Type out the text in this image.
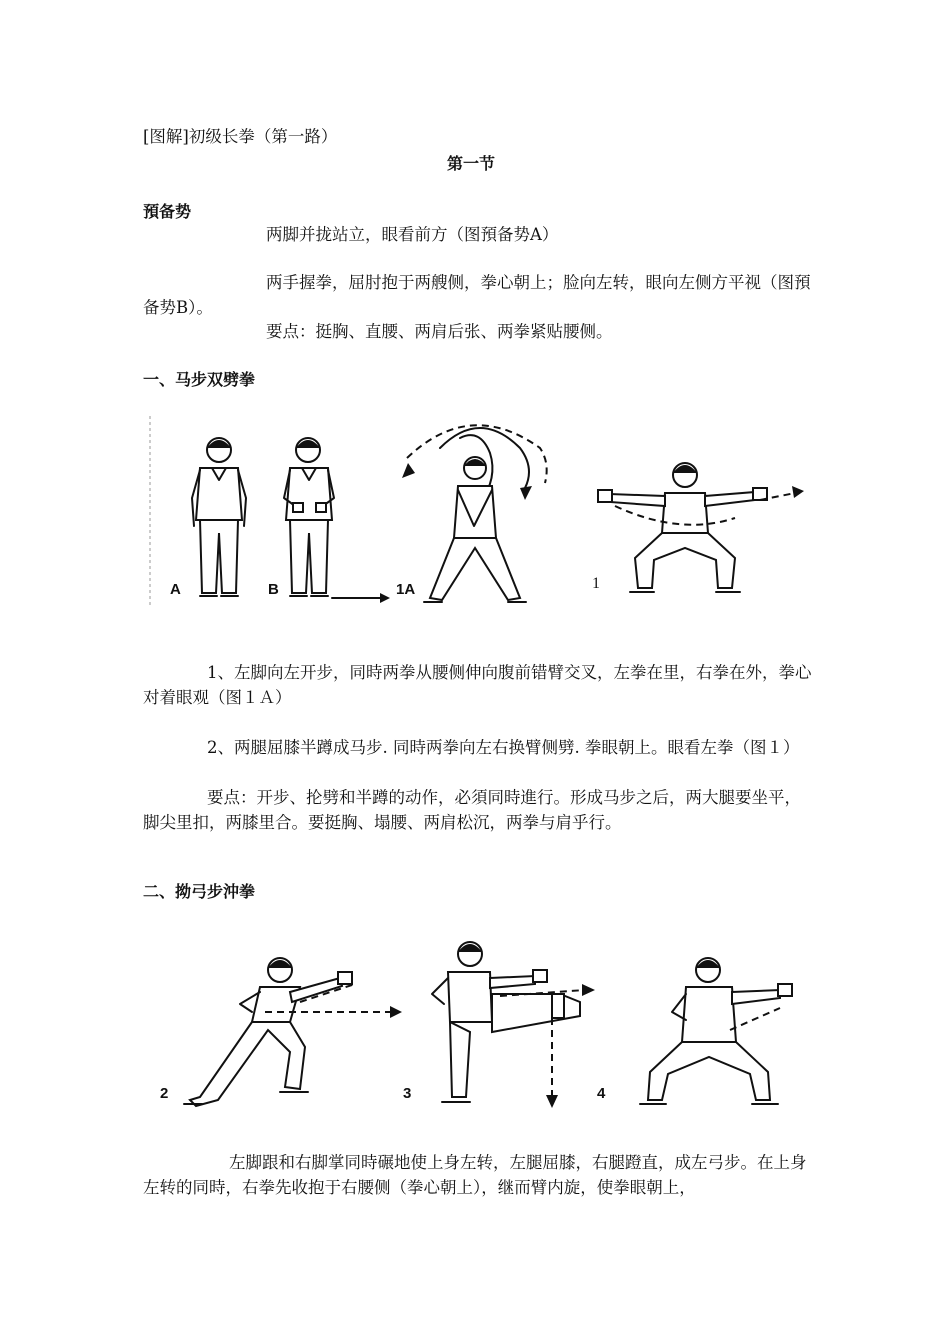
[图解]初级长拳（第一路）
第一节
預备势
两脚并拢站立，眼看前方（图預备势A）

两手握拳，屈肘抱于两艘侧，拳心朝上；脸向左转，眼向左侧方平视（图預备势B）。

要点：挺胸、直腰、两肩后张、两拳紧贴腰侧。
一、马步双劈拳
A	B	1A	1

1、左脚向左开步，同時两拳从腰侧伸向腹前错臂交叉，左拳在里，右拳在外，拳心对着眼观（图１Ａ）

2、两腿屈膝半蹲成马步. 同時两拳向左右换臂侧劈. 拳眼朝上。眼看左拳（图１）

要点：开步、抡劈和半蹲的动作，必須同時進行。形成马步之后，两大腿要坐平，脚尖里扣，两膝里合。要挺胸、塌腰、两肩松沉，两拳与肩乎行。

二、拗弓步沖拳
2	3	4

左脚跟和右脚掌同時碾地使上身左转，左腿屈膝，右腿蹬直，成左弓步。在上身左转的同時，右拳先收抱于右腰侧（拳心朝上），继而臂内旋，使拳眼朝上，
